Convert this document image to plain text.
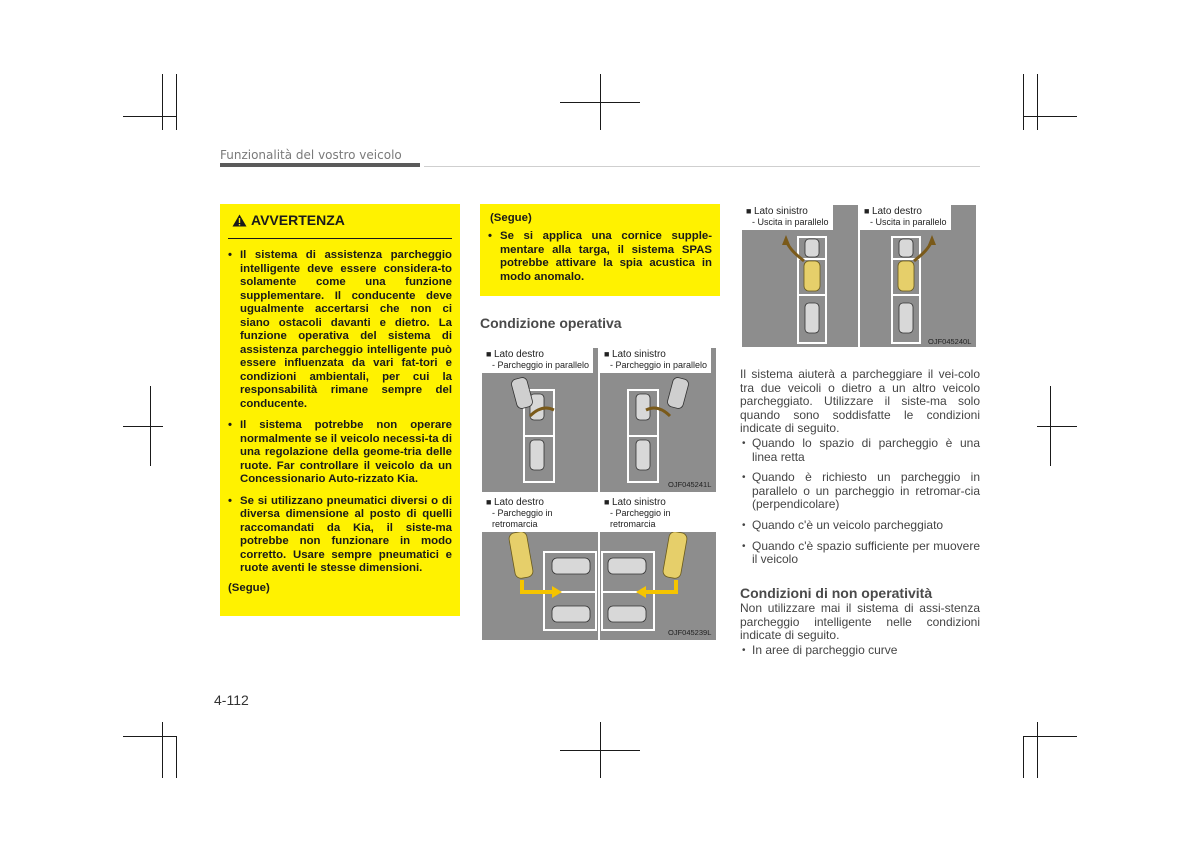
Funzionalità del vostro veicolo
AVVERTENZA
• Il sistema di assistenza parcheggio intelligente deve essere considera-to solamente come una funzione supplementare. Il conducente deve ugualmente accertarsi che non ci siano ostacoli davanti e dietro. La funzione operativa del sistema di assistenza parcheggio intelligente può essere influenzata da vari fat-tori e condizioni ambientali, per cui la responsabilità rimane sempre del conducente.
• Il sistema potrebbe non operare normalmente se il veicolo necessi-ta di una regolazione della geome-tria delle ruote. Far controllare il veicolo da un Concessionario Auto-rizzato Kia.
• Se si utilizzano pneumatici diversi o di diversa dimensione al posto di quelli raccomandati da Kia, il siste-ma potrebbe non funzionare in modo corretto. Usare sempre pneumatici e ruote aventi le stesse dimensioni.
(Segue)
(Segue)
• Se si applica una cornice supple-mentare alla targa, il sistema SPAS potrebbe attivare la spia acustica in modo anomalo.
Condizione operativa
■ Lato destro
- Parcheggio in parallelo
■ Lato sinistro
- Parcheggio in parallelo
OJF045241L
■ Lato destro
- Parcheggio in retromarcia
■ Lato sinistro
- Parcheggio in retromarcia
OJF045239L
■ Lato sinistro
- Uscita in parallelo
■ Lato destro
- Uscita in parallelo
OJF045240L
Il sistema aiuterà a parcheggiare il vei-colo tra due veicoli o dietro a un altro veicolo parcheggiato. Utilizzare il siste-ma solo quando sono soddisfatte le condizioni indicate di seguito.
• Quando lo spazio di parcheggio è una linea retta
• Quando è richiesto un parcheggio in parallelo o un parcheggio in retromar-cia (perpendicolare)
• Quando c'è un veicolo parcheggiato
• Quando c'è spazio sufficiente per muovere il veicolo
Condizioni di non operatività
Non utilizzare mai il sistema di assi-stenza parcheggio intelligente nelle condizioni indicate di seguito.
• In aree di parcheggio curve
4-112
